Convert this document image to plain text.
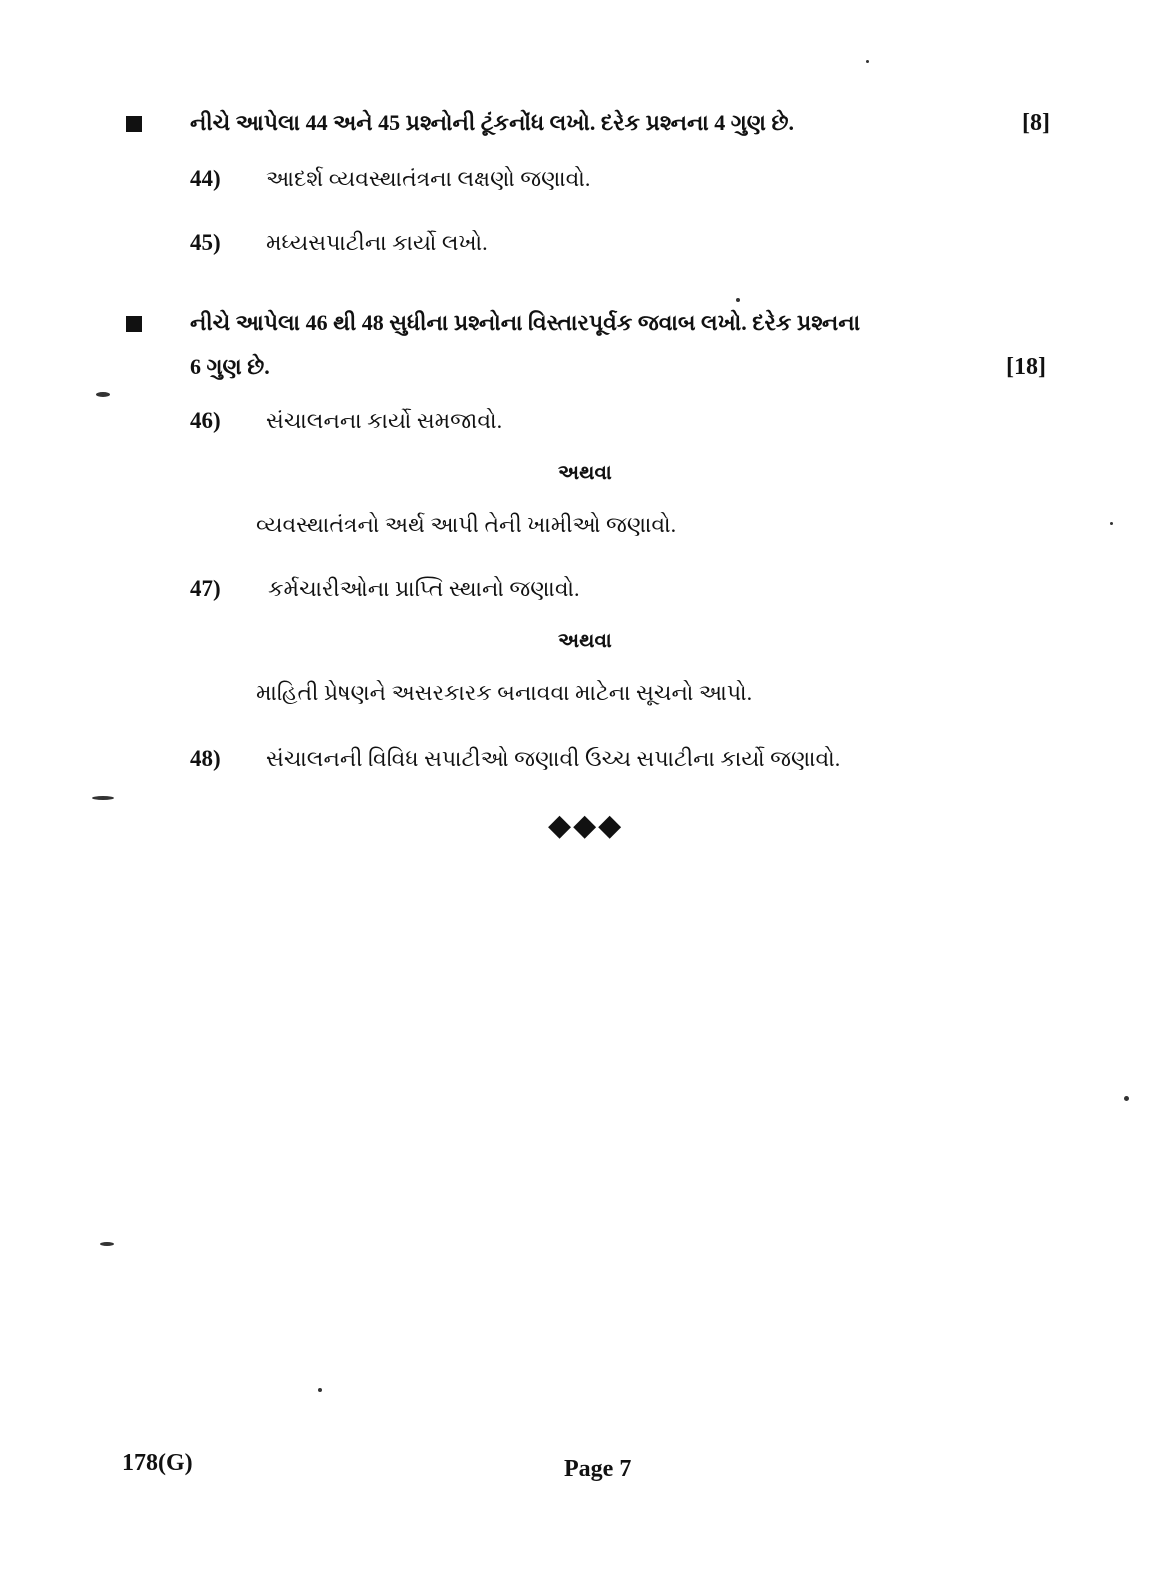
નીચે આપેલા 44 અને 45 પ્રશ્નોની ટૂંકનોંધ લખો. દરેક પ્રશ્નના 4 ગુણ છે.	[8]
44) આદર્શ વ્યવસ્થાતંત્રના લક્ષણો જણાવો.
45) મધ્યસપાટીના કાર્યો લખો.
નીચે આપેલા 46 થી 48 સુધીના પ્રશ્નોના વિસ્તારપૂર્વક જવાબ લખો. દરેક પ્રશ્નના
6 ગુણ છે.	[18]
46) સંચાલનના કાર્યો સમજાવો.
અથવા
વ્યવસ્થાતંત્રનો અર્થ આપી તેની ખામીઓ જણાવો.
47) કર્મચારીઓના પ્રાપ્તિ સ્થાનો જણાવો.
અથવા
માહિતી પ્રેષણને અસરકારક બનાવવા માટેના સૂચનો આપો.
48) સંચાલનની વિવિધ સપાટીઓ જણાવી ઉચ્ચ સપાટીના કાર્યો જણાવો.
◆◆◆
178(G)	Page 7
